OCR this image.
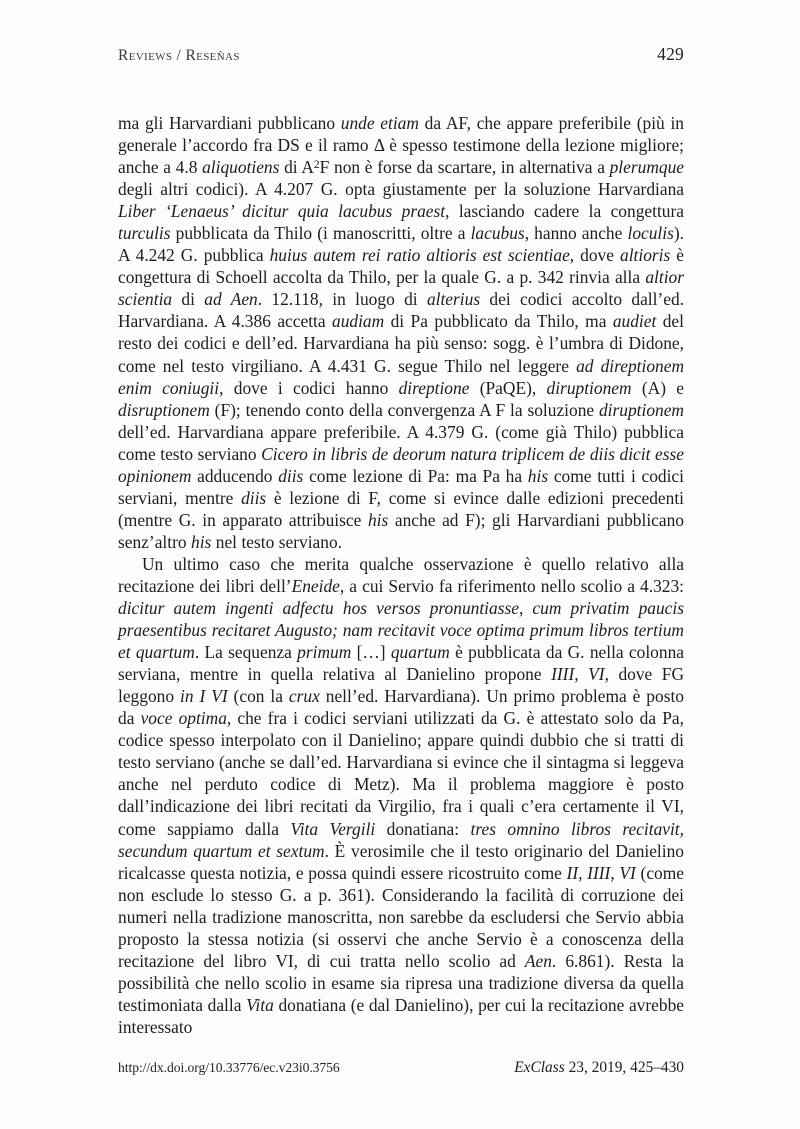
Reviews / Reseñas	429

ma gli Harvardiani pubblicano unde etiam da AF, che appare preferibile (più in generale l’accordo fra DS e il ramo Δ è spesso testimone della lezione migliore; anche a 4.8 aliquotiens di $A^2F$ non è forse da scartare, in alternativa a plerumque degli altri codici). A 4.207 G. opta giustamente per la soluzione Harvardiana Liber ‘Lenaeus’ dicitur quia lacubus praest, lasciando cadere la congettura turculis pubblicata da Thilo (i manoscritti, oltre a lacubus, hanno anche loculis). A 4.242 G. pubblica huius autem rei ratio altioris est scientiae, dove altioris è congettura di Schoell accolta da Thilo, per la quale G. a p. 342 rinvia alla altior scientia di ad Aen. 12.118, in luogo di alterius dei codici accolto dall’ed. Harvardiana. A 4.386 accetta audiam di Pa pubblicato da Thilo, ma audiet del resto dei codici e dell’ed. Harvardiana ha più senso: sogg. è l’umbra di Didone, come nel testo virgiliano. A 4.431 G. segue Thilo nel leggere ad direptionem enim coniugii, dove i codici hanno direptione (PaQE), diruptionem (A) e disruptionem (F); tenendo conto della convergenza A F la soluzione diruptionem dell’ed. Harvardiana appare preferibile. A 4.379 G. (come già Thilo) pubblica come testo serviano Cicero in libris de deorum natura triplicem de diis dicit esse opinionem adducendo diis come lezione di Pa: ma Pa ha his come tutti i codici serviani, mentre diis è lezione di F, come si evince dalle edizioni precedenti (mentre G. in apparato attribuisce his anche ad F); gli Harvardiani pubblicano senz’altro his nel testo serviano.

Un ultimo caso che merita qualche osservazione è quello relativo alla recitazione dei libri dell’Eneide, a cui Servio fa riferimento nello scolio a 4.323: dicitur autem ingenti adfectu hos versos pronuntiasse, cum privatim paucis praesentibus recitaret Augusto; nam recitavit voce optima primum libros tertium et quartum. La sequenza primum […] quartum è pubblicata da G. nella colonna serviana, mentre in quella relativa al Danielino propone IIII, VI, dove FG leggono in I VI (con la crux nell’ed. Harvardiana). Un primo problema è posto da voce optima, che fra i codici serviani utilizzati da G. è attestato solo da Pa, codice spesso interpolato con il Danielino; appare quindi dubbio che si tratti di testo serviano (anche se dall’ed. Harvardiana si evince che il sintagma si leggeva anche nel perduto codice di Metz). Ma il problema maggiore è posto dall’indicazione dei libri recitati da Virgilio, fra i quali c’era certamente il VI, come sappiamo dalla Vita Vergili donatiana: tres omnino libros recitavit, secundum quartum et sextum. È verosimile che il testo originario del Danielino ricalcasse questa notizia, e possa quindi essere ricostruito come II, IIII, VI (come non esclude lo stesso G. a p. 361). Considerando la facilità di corruzione dei numeri nella tradizione manoscritta, non sarebbe da escludersi che Servio abbia proposto la stessa notizia (si osservi che anche Servio è a conoscenza della recitazione del libro VI, di cui tratta nello scolio ad Aen. 6.861). Resta la possibilità che nello scolio in esame sia ripresa una tradizione diversa da quella testimoniata dalla Vita donatiana (e dal Danielino), per cui la recitazione avrebbe interessato

http://dx.doi.org/10.33776/ec.v23i0.3756	ExClass 23, 2019, 425–430
